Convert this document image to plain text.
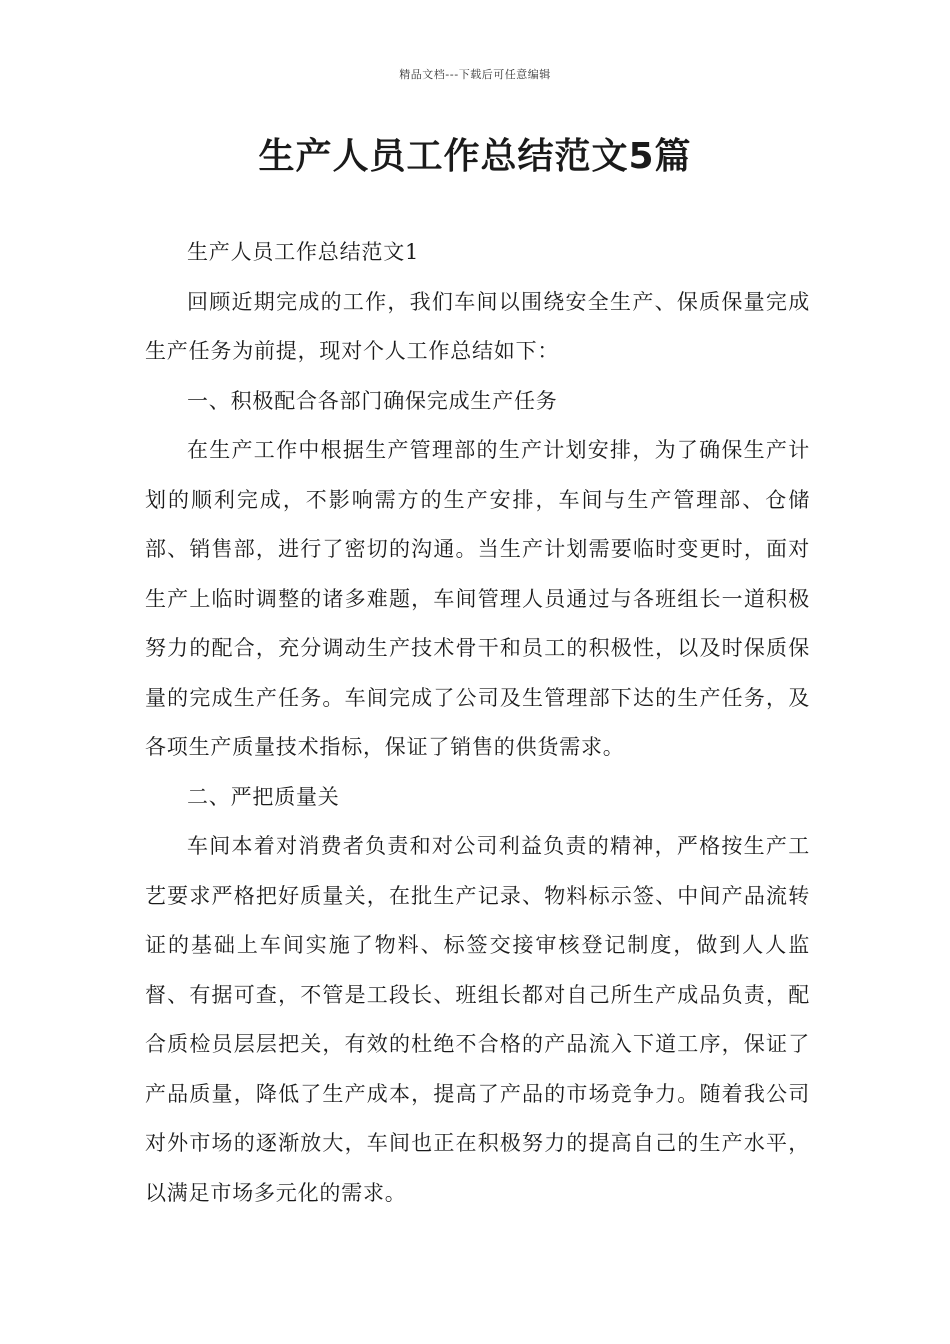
精品文档---下载后可任意编辑
生产人员工作总结范文5篇

生产人员工作总结范文1

回顾近期完成的工作，我们车间以围绕安全生产、保质保量完成生产任务为前提，现对个人工作总结如下：

一、积极配合各部门确保完成生产任务

在生产工作中根据生产管理部的生产计划安排，为了确保生产计划的顺利完成，不影响需方的生产安排，车间与生产管理部、仓储部、销售部，进行了密切的沟通。当生产计划需要临时变更时，面对生产上临时调整的诸多难题，车间管理人员通过与各班组长一道积极努力的配合，充分调动生产技术骨干和员工的积极性，以及时保质保量的完成生产任务。车间完成了公司及生管理部下达的生产任务，及各项生产质量技术指标，保证了销售的供货需求。

二、严把质量关

车间本着对消费者负责和对公司利益负责的精神，严格按生产工艺要求严格把好质量关，在批生产记录、物料标示签、中间产品流转证的基础上车间实施了物料、标签交接审核登记制度，做到人人监督、有据可查，不管是工段长、班组长都对自己所生产成品负责，配合质检员层层把关，有效的杜绝不合格的产品流入下道工序，保证了产品质量，降低了生产成本，提高了产品的市场竞争力。随着我公司对外市场的逐渐放大，车间也正在积极努力的提高自己的生产水平，以满足市场多元化的需求。
